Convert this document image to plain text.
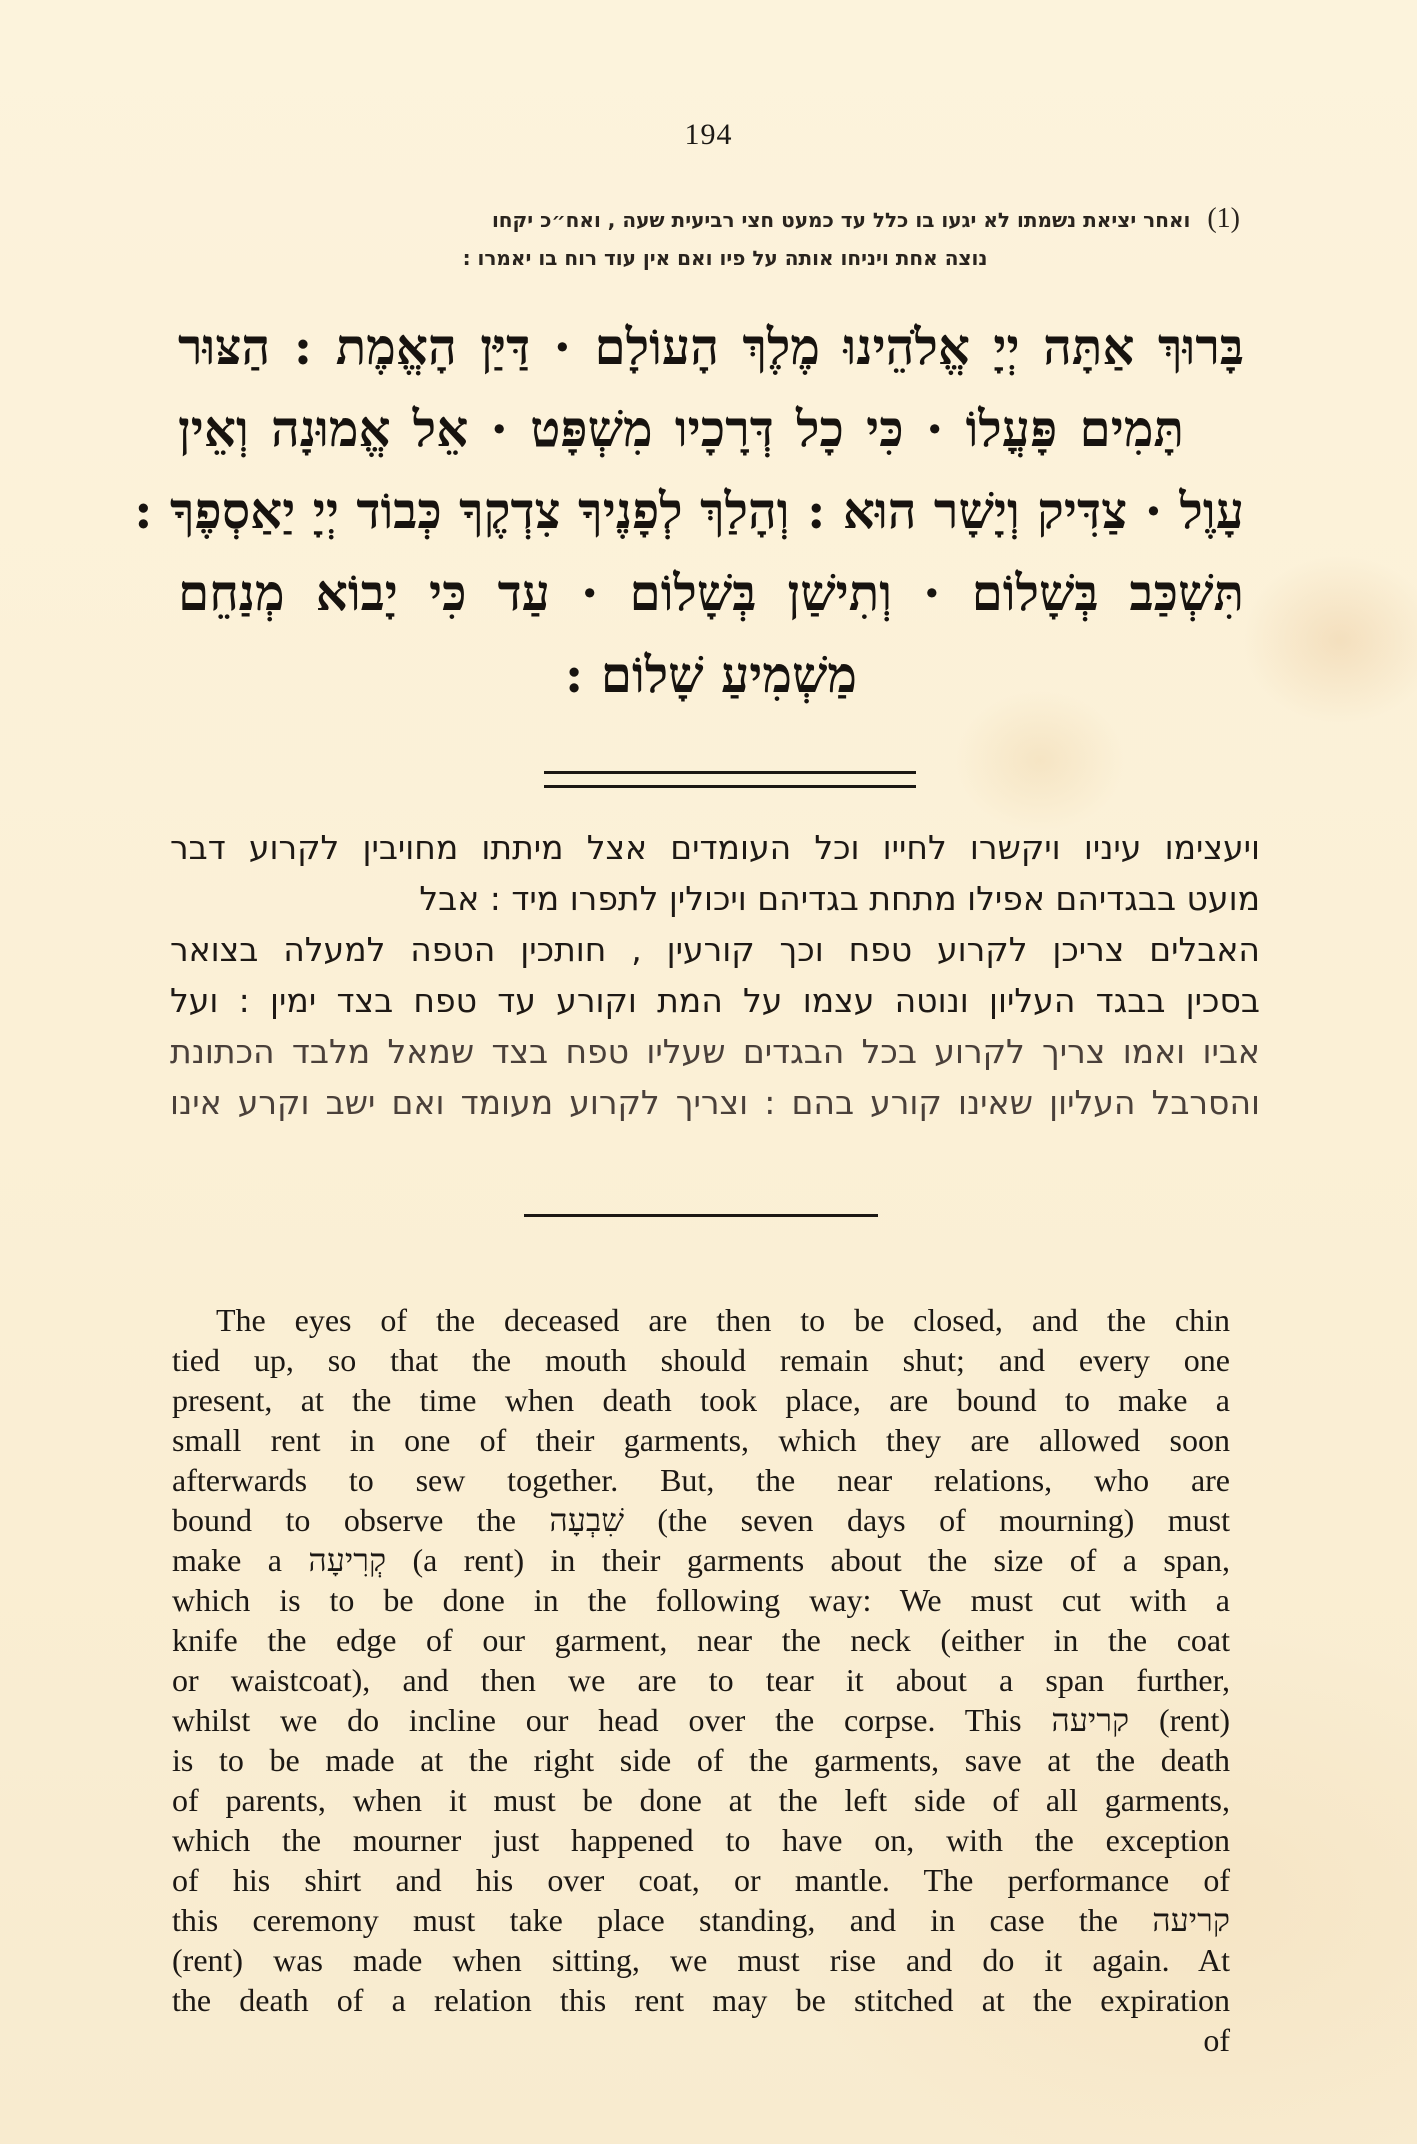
194
(1) ואחר יציאת נשמתו לא יגעו בו כלל עד כמעט חצי רביעית שעה , ואח״כ יקחו
נוצה אחת ויניחו אותה על פיו ואם אין עוד רוח בו יאמרו :
בָּרוּךְ אַתָּה יְיָ אֱלֹהֵינוּ מֶלֶךְ הָעוֹלָם · דַּיַּן הָאֱמֶת : הַצּוּר
תָּמִים פָּעֳלוֹ · כִּי כָל דְּרָכָיו מִשְׁפָּט · אֵל אֱמוּנָה וְאֵין
עָוֶל · צַדִּיק וְיָשָׁר הוּא : וְהָלַךְ לְפָנֶיךָ צִדְקֶךָ כְּבוֹד יְיָ יַאַסְפֶךָ :
תִּשְׁכַּב בְּשָׁלוֹם · וְתִישַׁן בְּשָׁלוֹם · עַד כִּי יָבוֹא מְנַחֵם
מַשְׁמִיעַ שָׁלוֹם :
ויעצימו עיניו ויקשרו לחייו וכל העומדים אצל מיתתו מחויבין לקרוע דבר
מועט בבגדיהם אפילו מתחת בגדיהם ויכולין לתפרו מיד : אבל
האבלים צריכן לקרוע טפח וכך קורעין , חותכין הטפה למעלה בצואר
בסכין בבגד העליון ונוטה עצמו על המת וקורע עד טפח בצד ימין : ועל
אביו ואמו צריך לקרוע בכל הבגדים שעליו טפח בצד שמאל מלבד הכתונת
והסרבל העליון שאינו קורע בהם : וצריך לקרוע מעומד ואם ישב וקרע אינו
The eyes of the deceased are then to be closed, and the chin
tied up, so that the mouth should remain shut; and every one
present, at the time when death took place, are bound to make a
small rent in one of their garments, which they are allowed soon
afterwards to sew together. But, the near relations, who are
bound to observe the שִׁבְעָה (the seven days of mourning) must
make a קְרִיעָה (a rent) in their garments about the size of a span,
which is to be done in the following way: We must cut with a
knife the edge of our garment, near the neck (either in the coat
or waistcoat), and then we are to tear it about a span further,
whilst we do incline our head over the corpse. This קריעה (rent)
is to be made at the right side of the garments, save at the death
of parents, when it must be done at the left side of all garments,
which the mourner just happened to have on, with the exception
of his shirt and his over coat, or mantle. The performance of
this ceremony must take place standing, and in case the קריעה
(rent) was made when sitting, we must rise and do it again. At
the death of a relation this rent may be stitched at the expiration
of
